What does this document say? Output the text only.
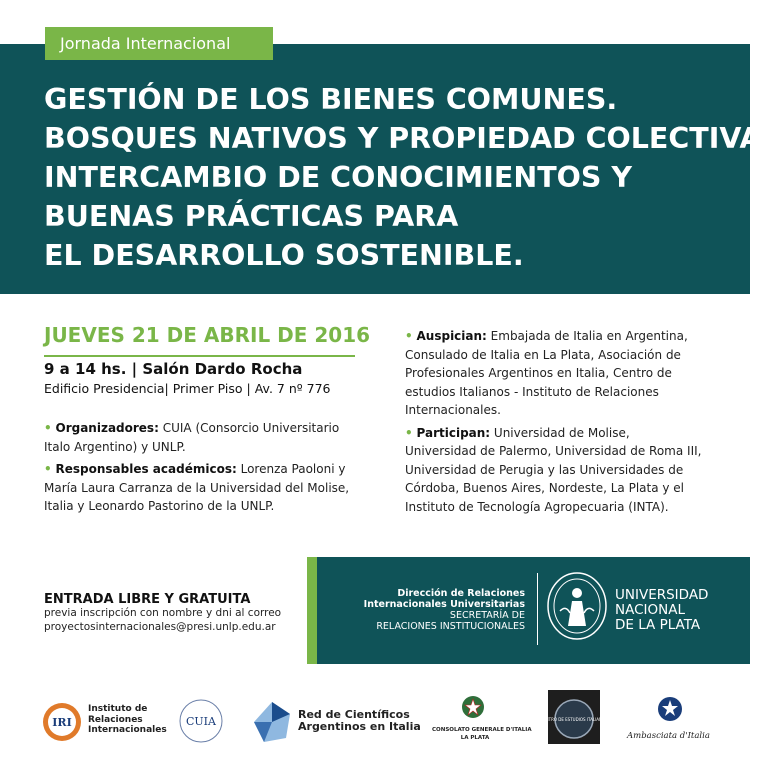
Jornada Internacional
GESTIÓN DE LOS BIENES COMUNES.
BOSQUES NATIVOS Y PROPIEDAD COLECTIVA.
INTERCAMBIO DE CONOCIMIENTOS Y
BUENAS PRÁCTICAS PARA
EL DESARROLLO SOSTENIBLE.
JUEVES 21 DE ABRIL DE 2016
9 a 14 hs. | Salón Dardo Rocha
Edificio Presidencia| Primer Piso | Av. 7 nº 776

• Organizadores: CUIA (Consorcio Universitario
Italo Argentino) y UNLP.

• Responsables académicos: Lorenza Paoloni y
María Laura Carranza de la Universidad del Molise,
Italia y Leonardo Pastorino de la UNLP.

• Auspician: Embajada de Italia en Argentina,
Consulado de Italia en La Plata, Asociación de
Profesionales Argentinos en Italia, Centro de
estudios Italianos - Instituto de Relaciones
Internacionales.

• Participan: Universidad de Molise,
Universidad de Palermo, Universidad de Roma III,
Universidad de Perugia y las Universidades de
Córdoba, Buenos Aires, Nordeste, La Plata y el
Instituto de Tecnología Agropecuaria (INTA).

ENTRADA LIBRE Y GRATUITA
previa inscripción con nombre y dni al correo
proyectosinternacionales@presi.unlp.edu.ar
Dirección de Relaciones
Internacionales Universitarias
SECRETARÍA DE
RELACIONES INSTITUCIONALES
UNIVERSIDAD
NACIONAL
DE LA PLATA
IRI
Instituto de
Relaciones
Internacionales
CUIA
Red de Científicos
Argentinos en Italia CONSOLATO GENERALE D'ITALIA
LA PLATA
CENTRO DE ESTUDIOS ITALIANOS
Ambasciata d'Italia
